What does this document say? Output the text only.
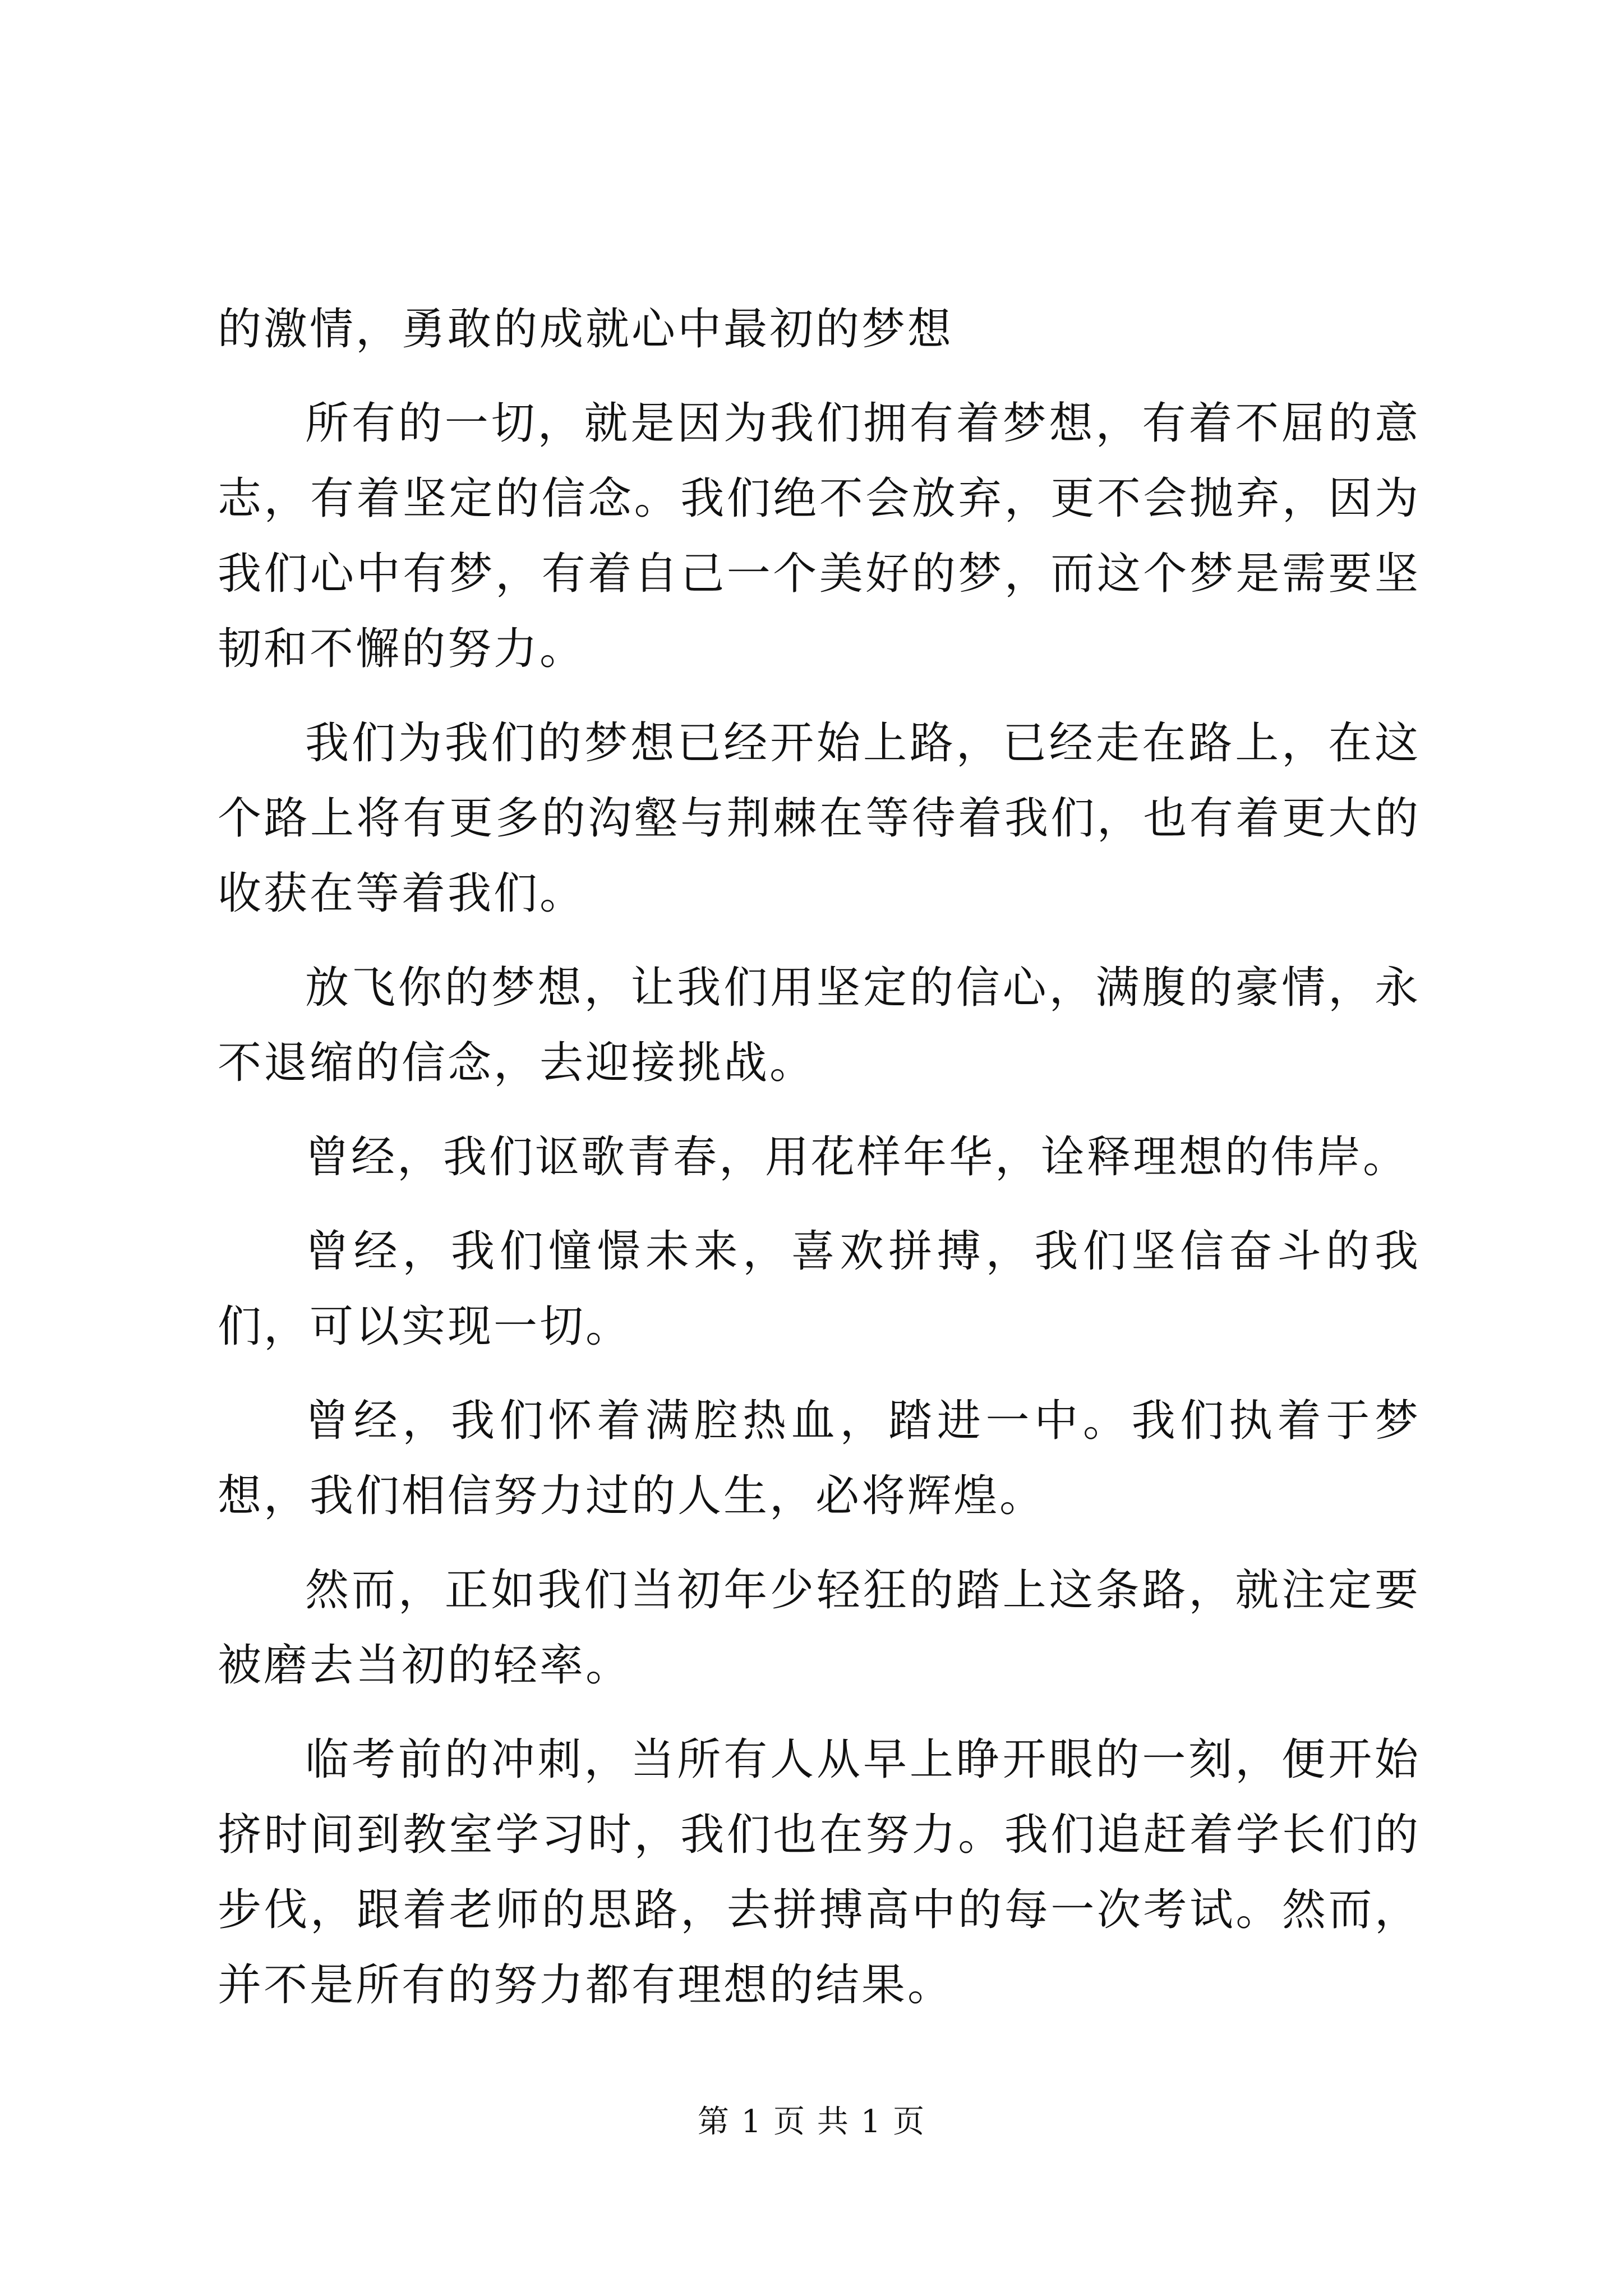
的激情，勇敢的成就心中最初的梦想

所有的一切，就是因为我们拥有着梦想，有着不屈的意志，有着坚定的信念。我们绝不会放弃，更不会抛弃，因为我们心中有梦，有着自己一个美好的梦，而这个梦是需要坚韧和不懈的努力。

我们为我们的梦想已经开始上路，已经走在路上，在这个路上将有更多的沟壑与荆棘在等待着我们，也有着更大的收获在等着我们。

放飞你的梦想，让我们用坚定的信心，满腹的豪情，永不退缩的信念，去迎接挑战。

曾经，我们讴歌青春，用花样年华，诠释理想的伟岸。

曾经，我们憧憬未来，喜欢拼搏，我们坚信奋斗的我们，可以实现一切。

曾经，我们怀着满腔热血，踏进一中。我们执着于梦想，我们相信努力过的人生，必将辉煌。

然而，正如我们当初年少轻狂的踏上这条路，就注定要被磨去当初的轻率。

临考前的冲刺，当所有人从早上睁开眼的一刻，便开始挤时间到教室学习时，我们也在努力。我们追赶着学长们的步伐，跟着老师的思路，去拼搏高中的每一次考试。然而，并不是所有的努力都有理想的结果。

第 1 页 共 1 页
